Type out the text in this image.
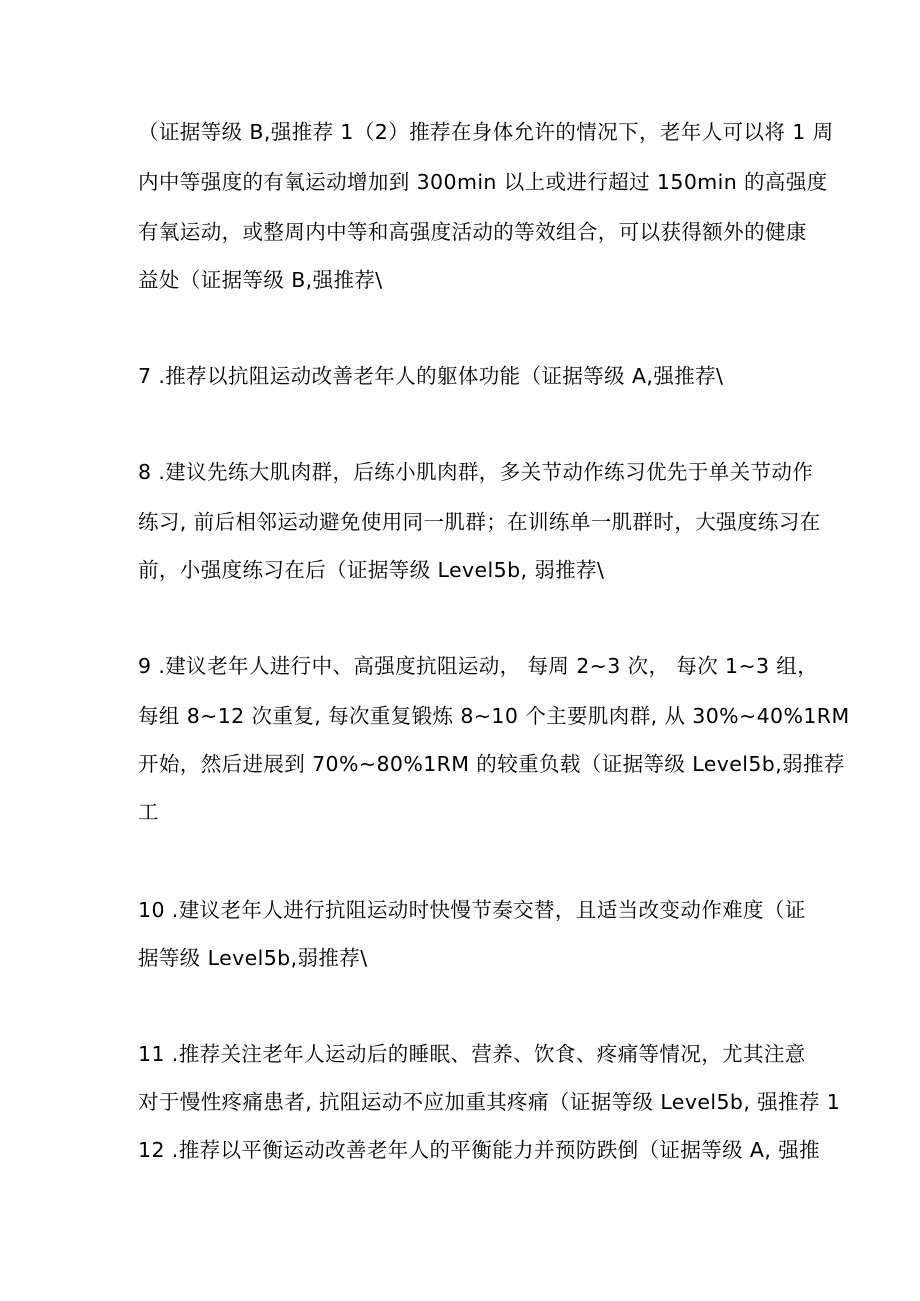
（证据等级 B,强推荐 1（2）推荐在身体允许的情况下，老年人可以将 1 周
内中等强度的有氧运动增加到 300min 以上或进行超过 150min 的高强度
有氧运动，或整周内中等和高强度活动的等效组合，可以获得额外的健康
益处（证据等级 B,强推荐\
7 .推荐以抗阻运动改善老年人的躯体功能（证据等级 A,强推荐\
8 .建议先练大肌肉群，后练小肌肉群，多关节动作练习优先于单关节动作
练习, 前后相邻运动避免使用同一肌群；在训练单一肌群时，大强度练习在
前，小强度练习在后（证据等级 Level5b, 弱推荐\
9 .建议老年人进行中、高强度抗阻运动， 每周 2~3 次， 每次 1~3 组，
每组 8~12 次重复, 每次重复锻炼 8~10 个主要肌肉群, 从 30%~40%1RM
开始，然后进展到 70%~80%1RM 的较重负载（证据等级 Level5b,弱推荐
工
10 .建议老年人进行抗阻运动时快慢节奏交替，且适当改变动作难度（证
据等级 Level5b,弱推荐\
11 .推荐关注老年人运动后的睡眠、营养、饮食、疼痛等情况，尤其注意
对于慢性疼痛患者, 抗阻运动不应加重其疼痛（证据等级 Level5b, 强推荐 1
12 .推荐以平衡运动改善老年人的平衡能力并预防跌倒（证据等级 A, 强推
